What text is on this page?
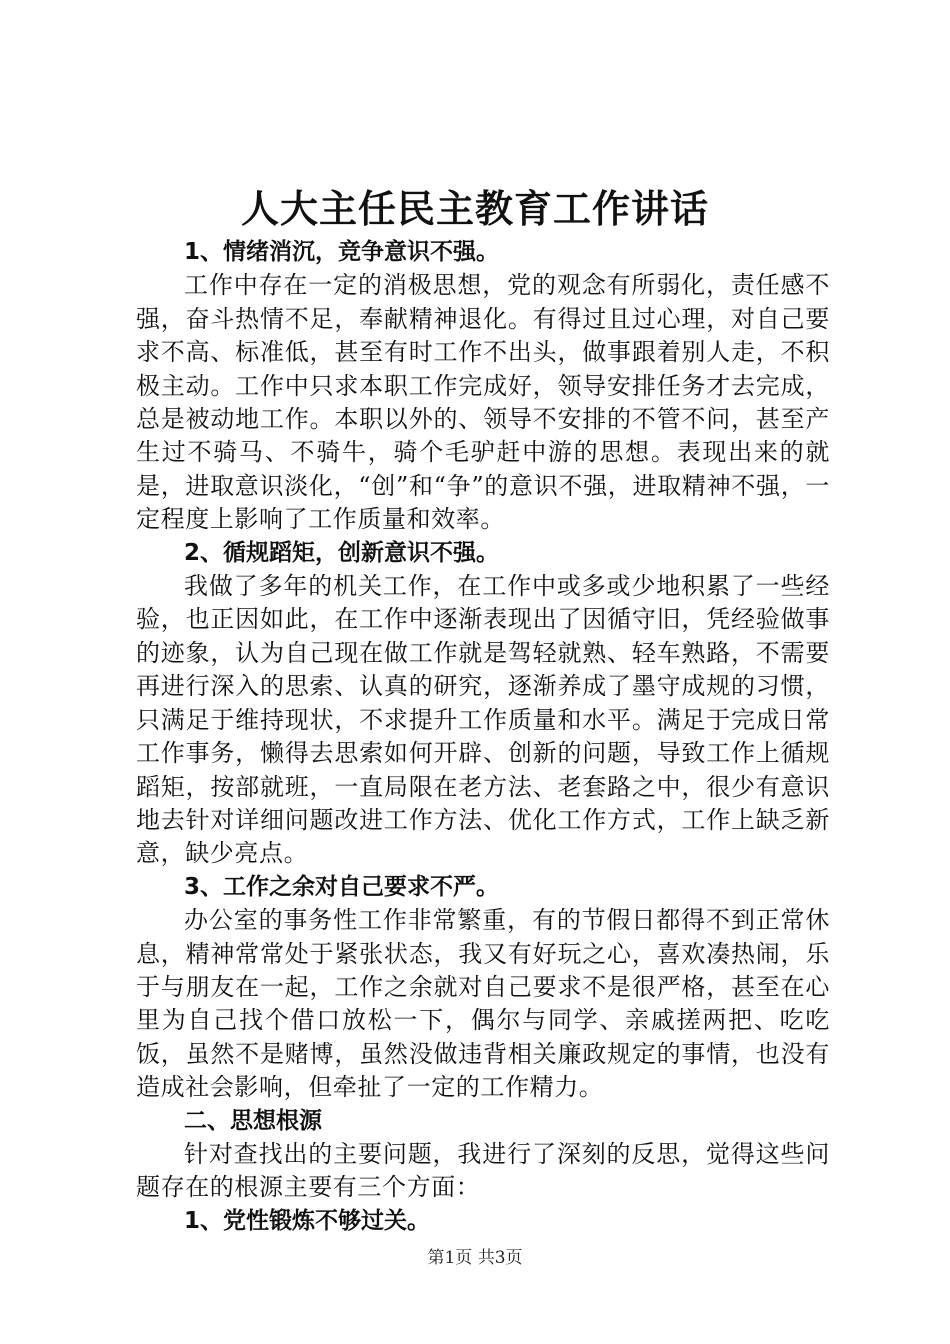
人大主任民主教育工作讲话

1、情绪消沉，竞争意识不强。

工作中存在一定的消极思想，党的观念有所弱化，责任感不强，奋斗热情不足，奉献精神退化。有得过且过心理，对自己要求不高、标准低，甚至有时工作不出头，做事跟着别人走，不积极主动。工作中只求本职工作完成好，领导安排任务才去完成，总是被动地工作。本职以外的、领导不安排的不管不问，甚至产生过不骑马、不骑牛，骑个毛驴赶中游的思想。表现出来的就是，进取意识淡化，“创”和“争”的意识不强，进取精神不强，一定程度上影响了工作质量和效率。

2、循规蹈矩，创新意识不强。

我做了多年的机关工作，在工作中或多或少地积累了一些经验，也正因如此，在工作中逐渐表现出了因循守旧，凭经验做事的迹象，认为自己现在做工作就是驾轻就熟、轻车熟路，不需要再进行深入的思索、认真的研究，逐渐养成了墨守成规的习惯，只满足于维持现状，不求提升工作质量和水平。满足于完成日常工作事务，懒得去思索如何开辟、创新的问题，导致工作上循规蹈矩，按部就班，一直局限在老方法、老套路之中，很少有意识地去针对详细问题改进工作方法、优化工作方式，工作上缺乏新意，缺少亮点。

3、工作之余对自己要求不严。

办公室的事务性工作非常繁重，有的节假日都得不到正常休息，精神常常处于紧张状态，我又有好玩之心，喜欢凑热闹，乐于与朋友在一起，工作之余就对自己要求不是很严格，甚至在心里为自己找个借口放松一下，偶尔与同学、亲戚搓两把、吃吃饭，虽然不是赌博，虽然没做违背相关廉政规定的事情，也没有造成社会影响，但牵扯了一定的工作精力。

二、思想根源

针对查找出的主要问题，我进行了深刻的反思，觉得这些问题存在的根源主要有三个方面：

1、党性锻炼不够过关。

第1页 共3页
